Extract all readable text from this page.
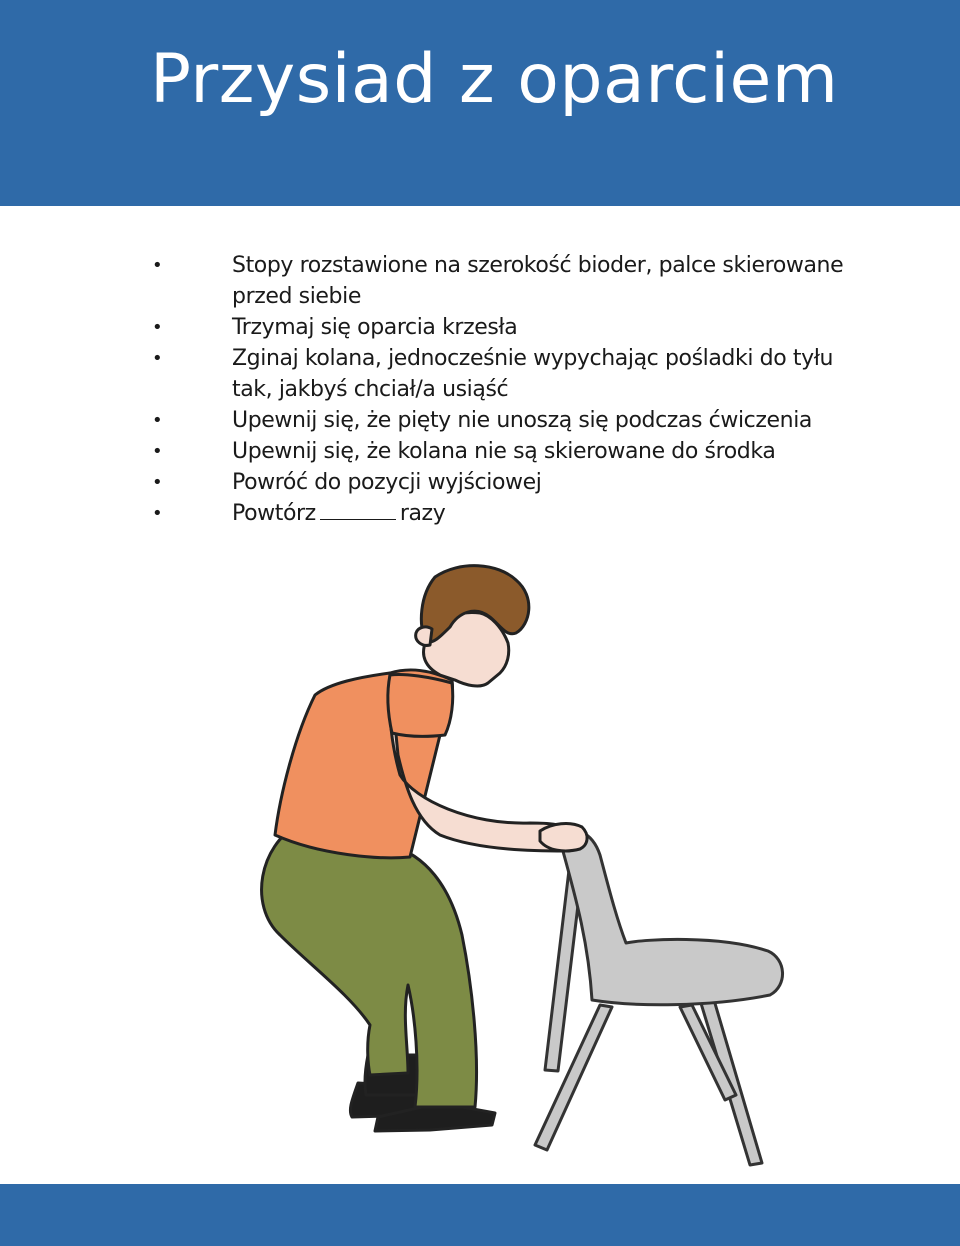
Przysiad z oparciem
•	Stopy rozstawione na szerokość bioder, palce skierowane przed siebie
•	Trzymaj się oparcia krzesła
•	Zginaj kolana, jednocześnie wypychając pośladki do tyłu tak, jakbyś chciał/a usiąść
•	Upewnij się, że pięty nie unoszą się podczas ćwiczenia
•	Upewnij się, że kolana nie są skierowane do środka
•	Powróć do pozycji wyjściowej
•	Powtórz	razy
